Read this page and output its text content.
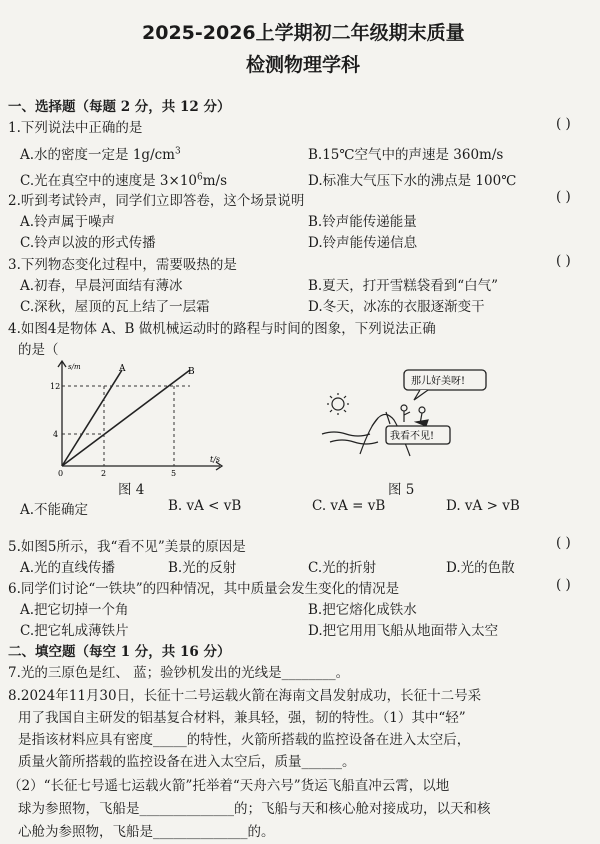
2025-2026上学期初二年级期末质量
检测物理学科
一、选择题（每题 2 分，共 12 分）
1.下列说法中正确的是	( )
A.水的密度一定是 $1g/cm^3$	B.15℃空气中的声速是 360m/s
C.光在真空中的速度是 $3\times 10^6m/s$	D.标准大气压下水的沸点是 100℃
2.听到考试铃声，同学们立即答卷，这个场景说明	( )
A.铃声属于噪声	B.铃声能传递能量
C.铃声以波的形式传播	D.铃声能传递信息
3.下列物态变化过程中，需要吸热的是	( )
A.初春，早晨河面结有薄冰	B.夏天，打开雪糕袋看到“白气”
C.深秋，屋顶的瓦上结了一层霜	D.冬天，冰冻的衣服逐渐变干
4.如图4是物体 A、B 做机械运动时的路程与时间的图象，下列说法正确
的是（
s/m
t/s
12
4
0	2	5
A	B
图 4
那儿好美呀!
我看不见!
图 5
A.不能确定	B. vA < vB	C. vA = vB	D. vA > vB
5.如图5所示，我“看不见”美景的原因是	( )
A.光的直线传播	B.光的反射	C.光的折射	D.光的色散
6.同学们讨论“一铁块”的四种情况，其中质量会发生变化的情况是	( )
A.把它切掉一个角	B.把它熔化成铁水
C.把它轧成薄铁片	D.把它用用飞船从地面带入太空
二、填空题（每空 1 分，共 16 分）
7.光的三原色是红、 蓝；验钞机发出的光线是________。
8.2024年11月30日，长征十二号运载火箭在海南文昌发射成功，长征十二号采
用了我国自主研发的铝基复合材料，兼具轻，强，韧的特性。（1）其中“轻”
是指该材料应具有密度_____的特性，火箭所搭载的监控设备在进入太空后，
质量火箭所搭载的监控设备在进入太空后，质量______。
（2）“长征七号遥七运载火箭”托举着“天舟六号”货运飞船直冲云霄，以地
球为参照物，飞船是______________的；飞船与天和核心舱对接成功，以天和核
心舱为参照物，飞船是______________的。
